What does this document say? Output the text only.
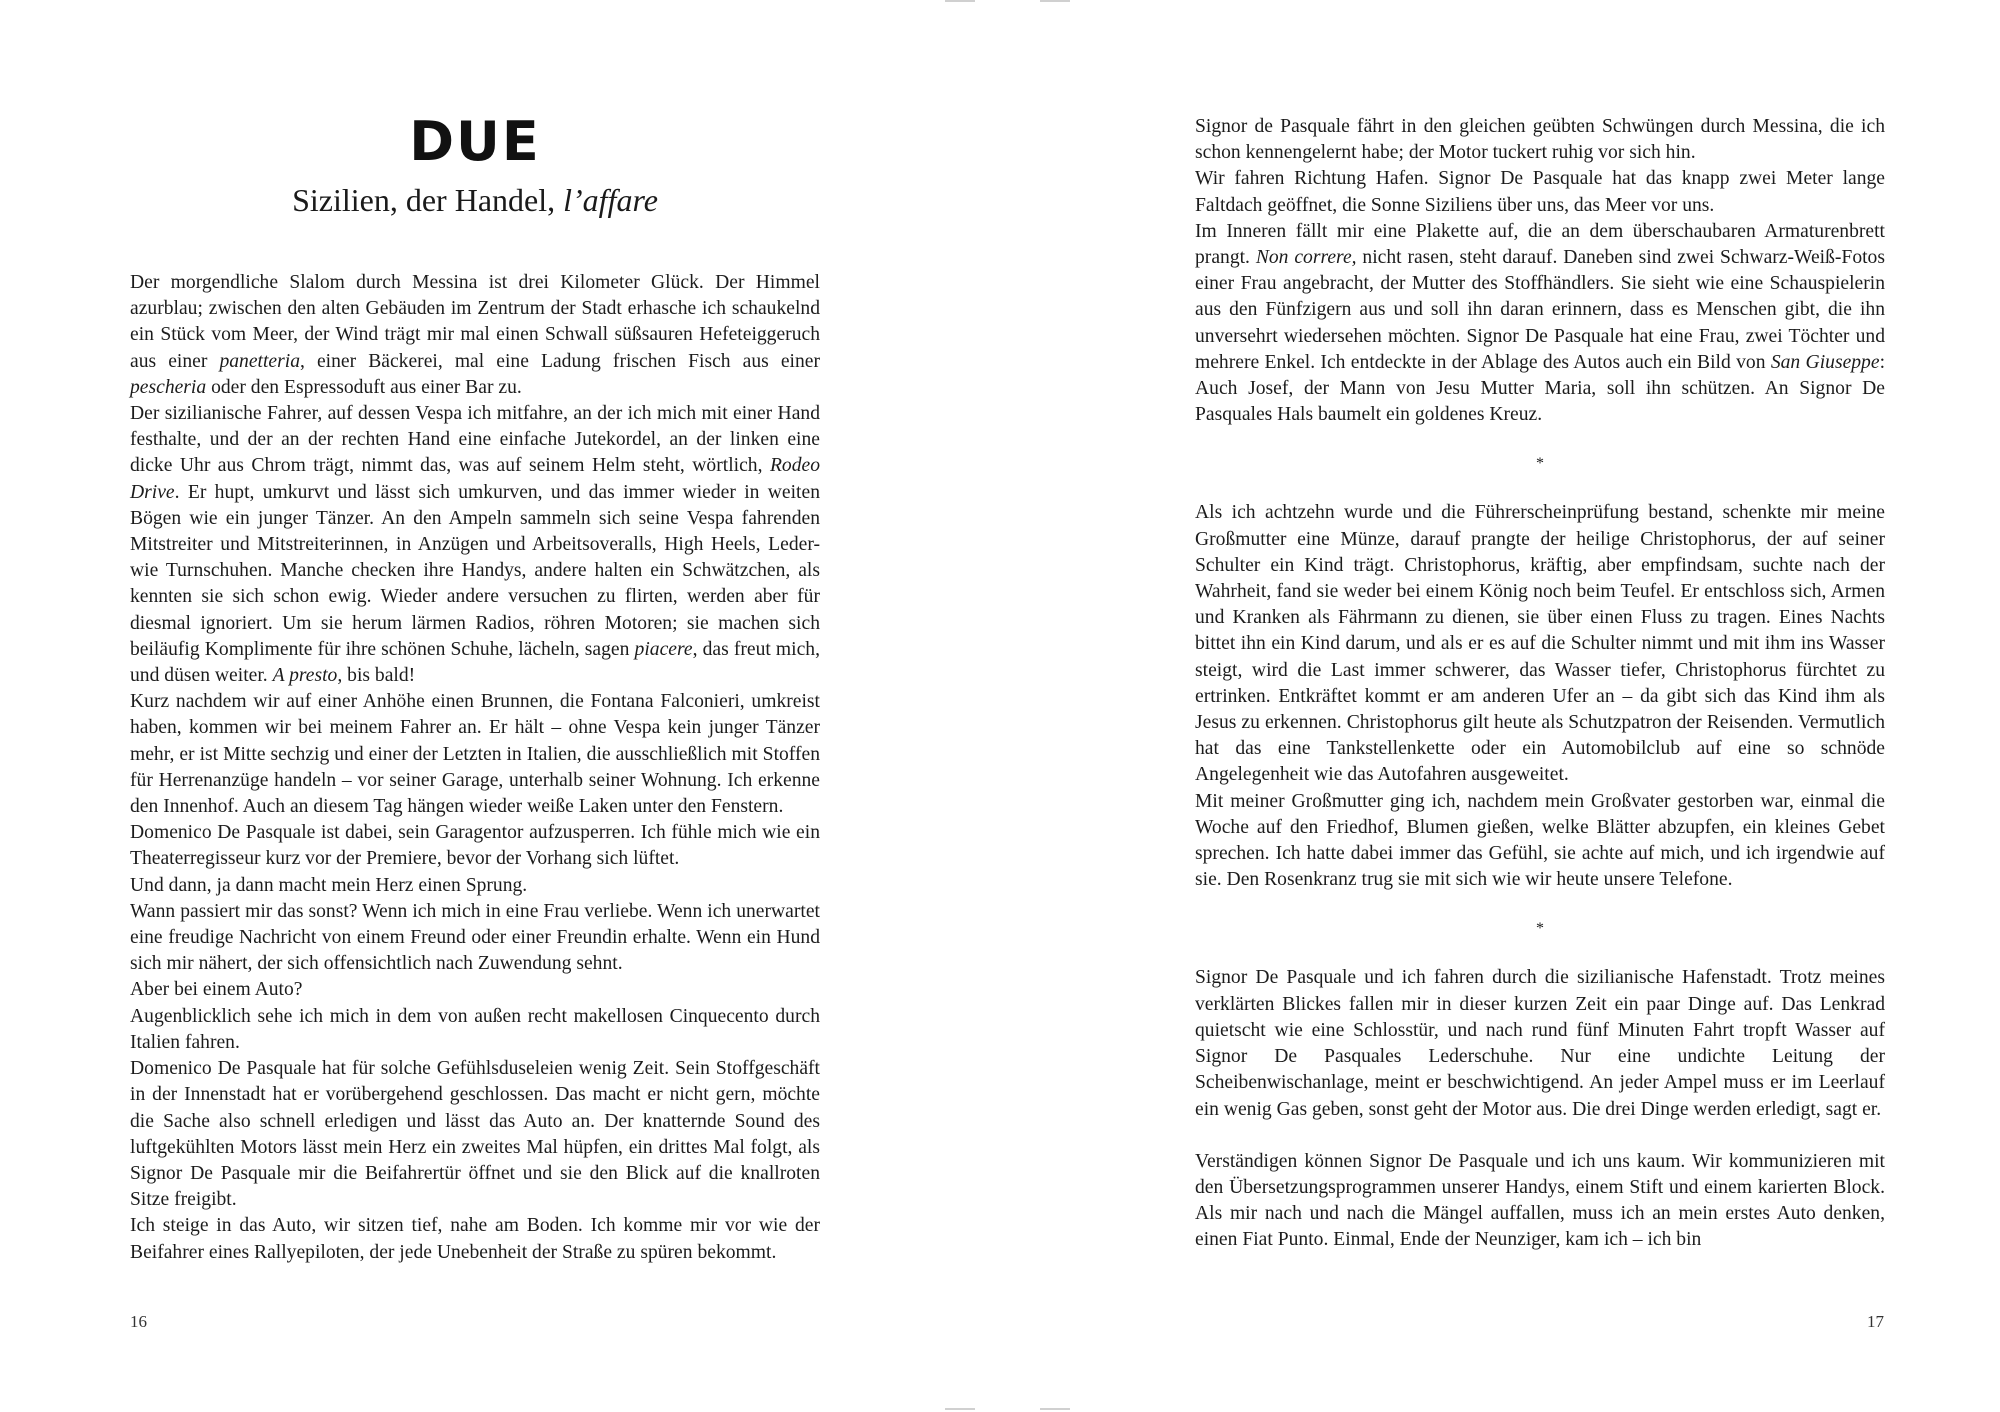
DUE
Sizilien, der Handel, l’affare

Der morgendliche Slalom durch Messina ist drei Kilometer Glück. Der Himmel azurblau; zwischen den alten Gebäuden im Zentrum der Stadt erhasche ich schaukelnd ein Stück vom Meer, der Wind trägt mir mal einen Schwall süßsauren Hefeteiggeruch aus einer panetteria, einer Bäckerei, mal eine Ladung frischen Fisch aus einer pescheria oder den Espressoduft aus einer Bar zu.

Der sizilianische Fahrer, auf dessen Vespa ich mitfahre, an der ich mich mit einer Hand festhalte, und der an der rechten Hand eine einfache Jutekordel, an der linken eine dicke Uhr aus Chrom trägt, nimmt das, was auf seinem Helm steht, wörtlich, Rodeo Drive. Er hupt, umkurvt und lässt sich umkurven, und das immer wieder in weiten Bögen wie ein junger Tänzer. An den Ampeln sammeln sich seine Vespa fahrenden Mitstreiter und Mitstreiterinnen, in Anzügen und Arbeitsoveralls, High Heels, Leder- wie Turnschuhen. Manche checken ihre Handys, andere halten ein Schwätzchen, als kennten sie sich schon ewig. Wieder andere versuchen zu flirten, werden aber für diesmal ignoriert. Um sie herum lärmen Radios, röhren Motoren; sie machen sich beiläufig Komplimente für ihre schönen Schuhe, lächeln, sagen piacere, das freut mich, und düsen weiter. A presto, bis bald!

Kurz nachdem wir auf einer Anhöhe einen Brunnen, die Fontana Falconieri, umkreist haben, kommen wir bei meinem Fahrer an. Er hält – ohne Vespa kein junger Tänzer mehr, er ist Mitte sechzig und einer der Letzten in Italien, die ausschließlich mit Stoffen für Herrenanzüge handeln – vor seiner Garage, unterhalb seiner Wohnung. Ich erkenne den Innenhof. Auch an diesem Tag hängen wieder weiße Laken unter den Fenstern.

Domenico De Pasquale ist dabei, sein Garagentor aufzusperren. Ich fühle mich wie ein Theaterregisseur kurz vor der Premiere, bevor der Vorhang sich lüftet.

Und dann, ja dann macht mein Herz einen Sprung.

Wann passiert mir das sonst? Wenn ich mich in eine Frau verliebe. Wenn ich unerwartet eine freudige Nachricht von einem Freund oder einer Freundin erhalte. Wenn ein Hund sich mir nähert, der sich offensichtlich nach Zuwendung sehnt.

Aber bei einem Auto?

Augenblicklich sehe ich mich in dem von außen recht makellosen Cinquecento durch Italien fahren.

Domenico De Pasquale hat für solche Gefühlsduseleien wenig Zeit. Sein Stoffgeschäft in der Innenstadt hat er vorübergehend geschlossen. Das macht er nicht gern, möchte die Sache also schnell erledigen und lässt das Auto an. Der knatternde Sound des luftgekühlten Motors lässt mein Herz ein zweites Mal hüpfen, ein drittes Mal folgt, als Signor De Pasquale mir die Beifahrertür öffnet und sie den Blick auf die knallroten Sitze freigibt.

Ich steige in das Auto, wir sitzen tief, nahe am Boden. Ich komme mir vor wie der Beifahrer eines Rallyepiloten, der jede Unebenheit der Straße zu spüren bekommt.

16

Signor de Pasquale fährt in den gleichen geübten Schwüngen durch Messina, die ich schon kennengelernt habe; der Motor tuckert ruhig vor sich hin.

Wir fahren Richtung Hafen. Signor De Pasquale hat das knapp zwei Meter lange Faltdach geöffnet, die Sonne Siziliens über uns, das Meer vor uns.

Im Inneren fällt mir eine Plakette auf, die an dem überschaubaren Armaturenbrett prangt. Non correre, nicht rasen, steht darauf. Daneben sind zwei Schwarz-Weiß-Fotos einer Frau angebracht, der Mutter des Stoffhändlers. Sie sieht wie eine Schauspielerin aus den Fünfzigern aus und soll ihn daran erinnern, dass es Menschen gibt, die ihn unversehrt wiedersehen möchten. Signor De Pasquale hat eine Frau, zwei Töchter und mehrere Enkel. Ich entdeckte in der Ablage des Autos auch ein Bild von San Giuseppe: Auch Josef, der Mann von Jesu Mutter Maria, soll ihn schützen. An Signor De Pasquales Hals baumelt ein goldenes Kreuz.

*

Als ich achtzehn wurde und die Führerscheinprüfung bestand, schenkte mir meine Großmutter eine Münze, darauf prangte der heilige Christophorus, der auf seiner Schulter ein Kind trägt. Christophorus, kräftig, aber empfindsam, suchte nach der Wahrheit, fand sie weder bei einem König noch beim Teufel. Er entschloss sich, Armen und Kranken als Fährmann zu dienen, sie über einen Fluss zu tragen. Eines Nachts bittet ihn ein Kind darum, und als er es auf die Schulter nimmt und mit ihm ins Wasser steigt, wird die Last immer schwerer, das Wasser tiefer, Christophorus fürchtet zu ertrinken. Entkräftet kommt er am anderen Ufer an – da gibt sich das Kind ihm als Jesus zu erkennen. Christophorus gilt heute als Schutzpatron der Reisenden. Vermutlich hat das eine Tankstellenkette oder ein Automobilclub auf eine so schnöde Angelegenheit wie das Autofahren ausgeweitet.

Mit meiner Großmutter ging ich, nachdem mein Großvater gestorben war, einmal die Woche auf den Friedhof, Blumen gießen, welke Blätter abzupfen, ein kleines Gebet sprechen. Ich hatte dabei immer das Gefühl, sie achte auf mich, und ich irgendwie auf sie. Den Rosenkranz trug sie mit sich wie wir heute unsere Telefone.

*

Signor De Pasquale und ich fahren durch die sizilianische Hafenstadt. Trotz meines verklärten Blickes fallen mir in dieser kurzen Zeit ein paar Dinge auf. Das Lenkrad quietscht wie eine Schlosstür, und nach rund fünf Minuten Fahrt tropft Wasser auf Signor De Pasquales Lederschuhe. Nur eine undichte Leitung der Scheibenwischanlage, meint er beschwichtigend. An jeder Ampel muss er im Leerlauf ein wenig Gas geben, sonst geht der Motor aus. Die drei Dinge werden erledigt, sagt er.

Verständigen können Signor De Pasquale und ich uns kaum. Wir kommunizieren mit den Übersetzungsprogrammen unserer Handys, einem Stift und einem karierten Block. Als mir nach und nach die Mängel auffallen, muss ich an mein erstes Auto denken, einen Fiat Punto. Einmal, Ende der Neunziger, kam ich – ich bin

17
